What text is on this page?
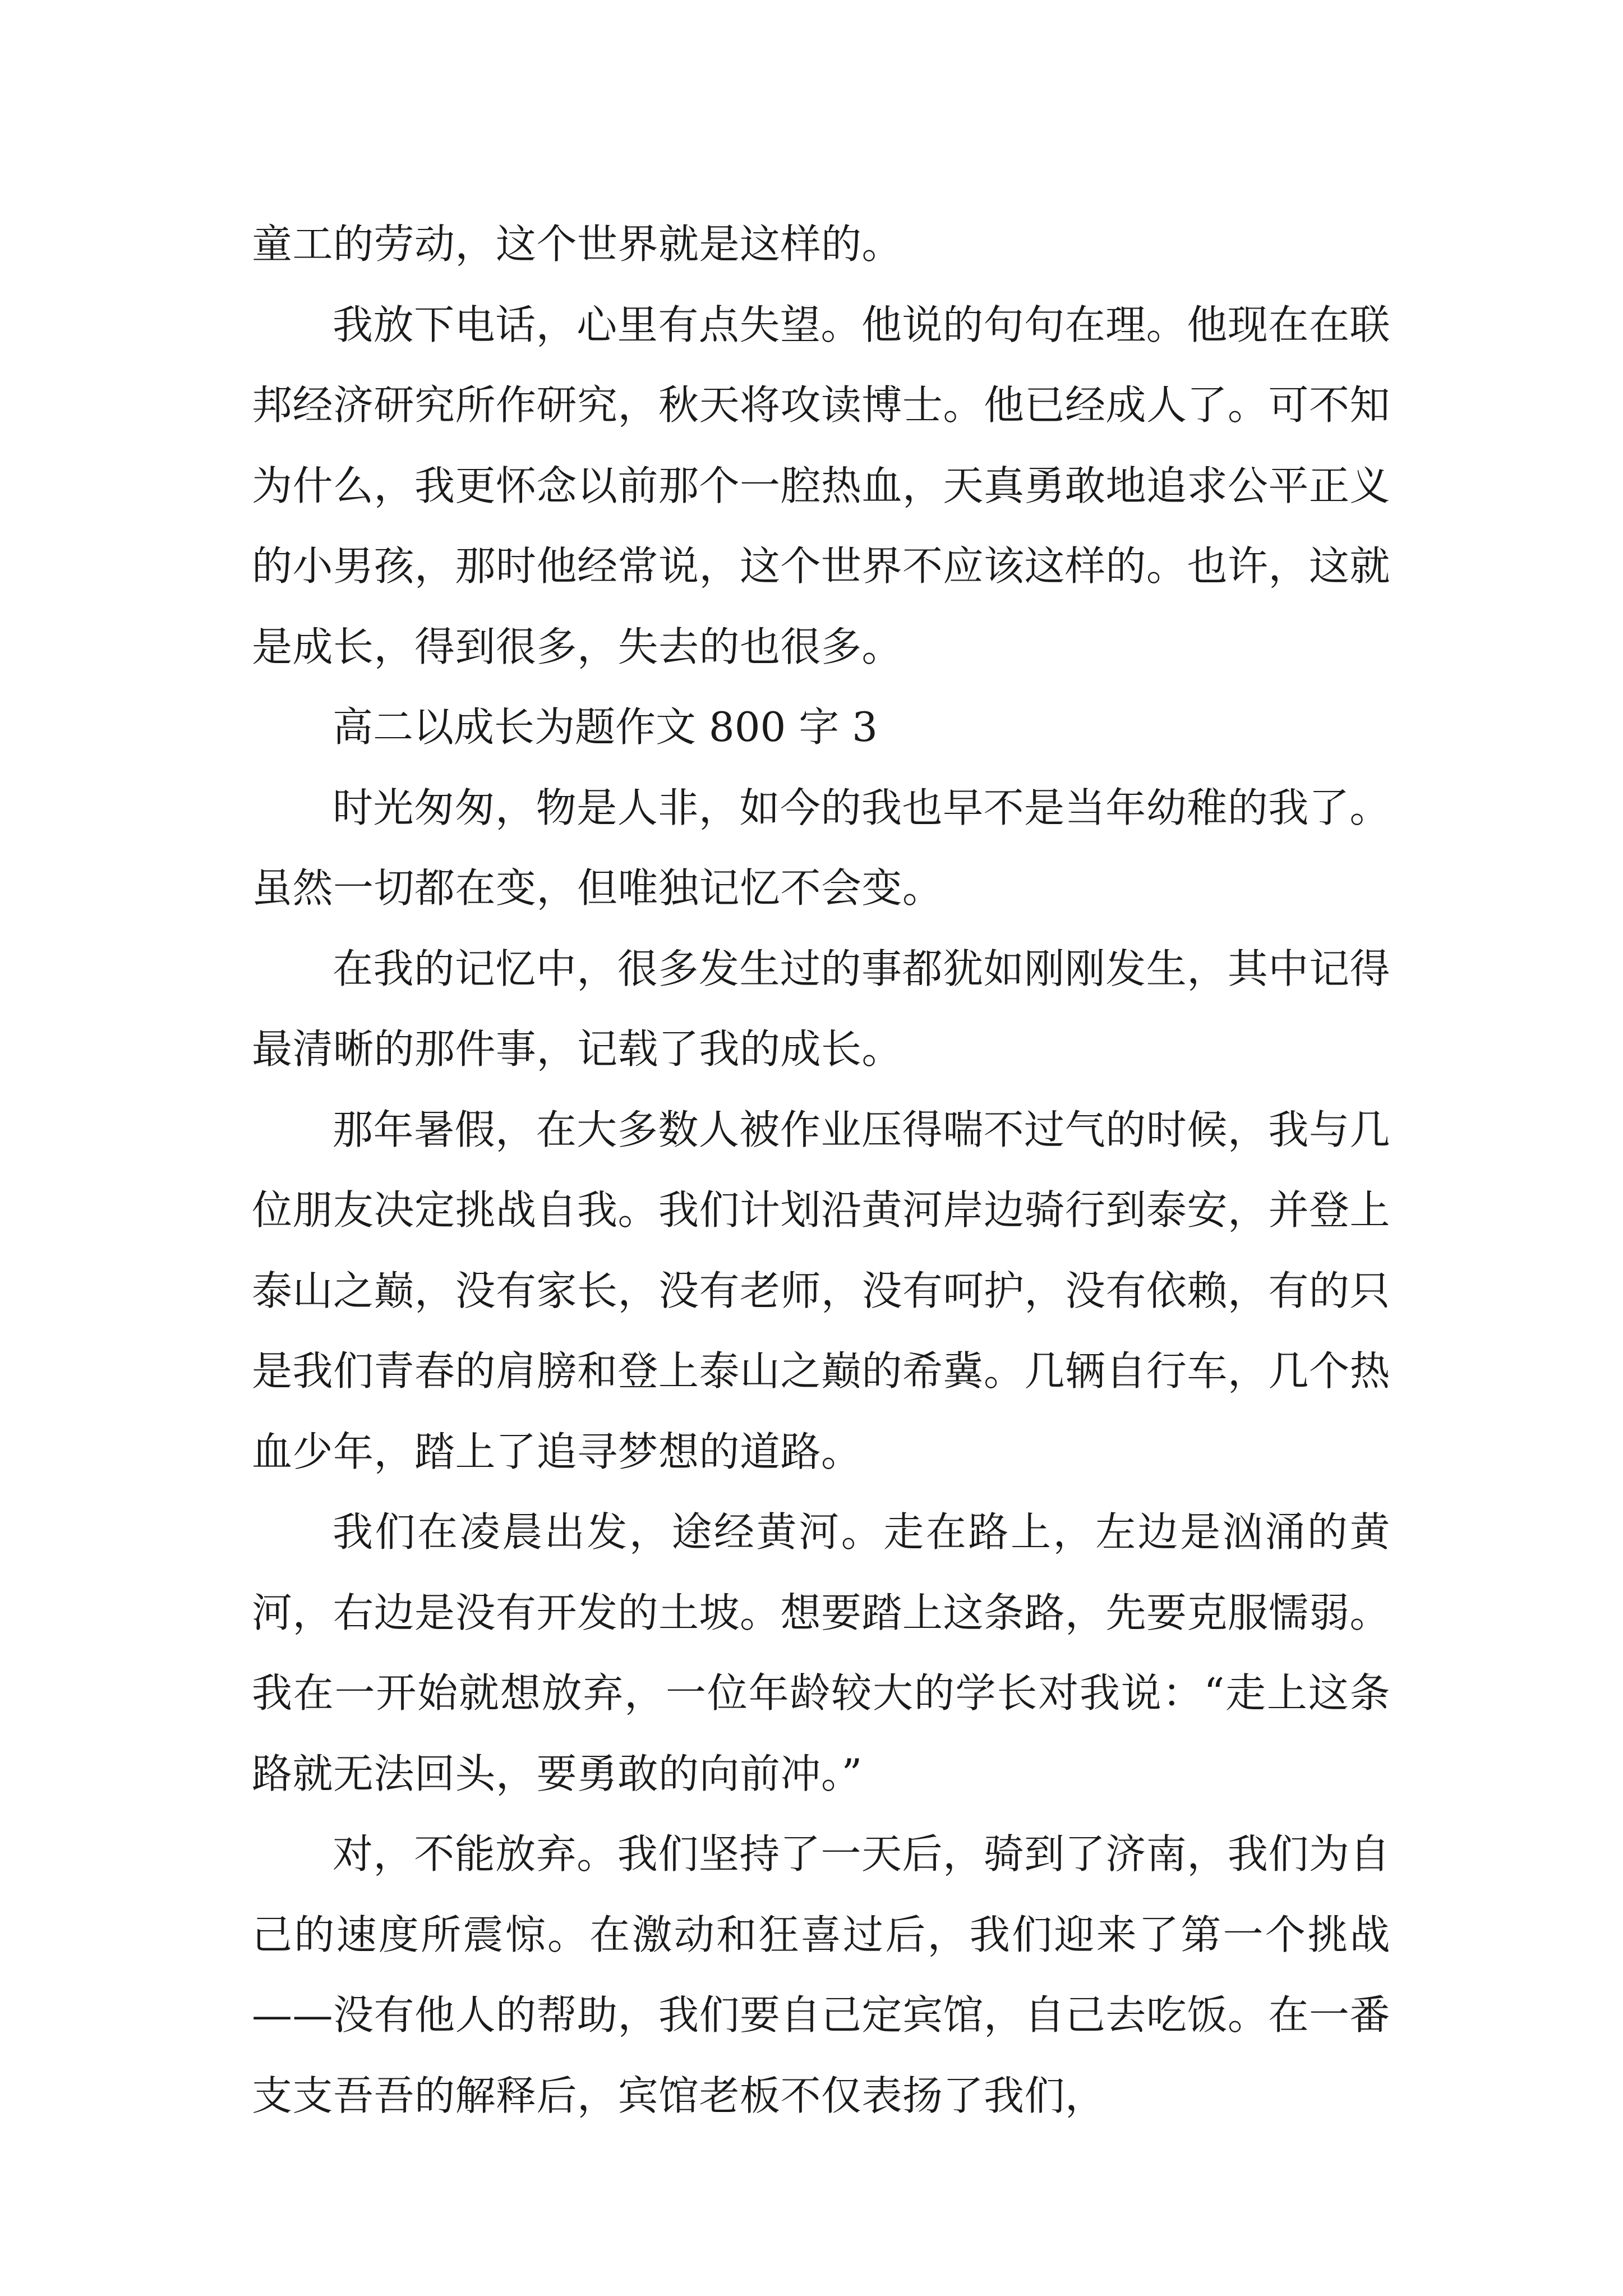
童工的劳动，这个世界就是这样的。

我放下电话，心里有点失望。他说的句句在理。他现在在联邦经济研究所作研究，秋天将攻读博士。他已经成人了。可不知为什么，我更怀念以前那个一腔热血，天真勇敢地追求公平正义的小男孩，那时他经常说，这个世界不应该这样的。也许，这就是成长，得到很多，失去的也很多。

高二以成长为题作文 800 字 3

时光匆匆，物是人非，如今的我也早不是当年幼稚的我了。虽然一切都在变，但唯独记忆不会变。

在我的记忆中，很多发生过的事都犹如刚刚发生，其中记得最清晰的那件事，记载了我的成长。

那年暑假，在大多数人被作业压得喘不过气的时候，我与几位朋友决定挑战自我。我们计划沿黄河岸边骑行到泰安，并登上泰山之巅，没有家长，没有老师，没有呵护，没有依赖，有的只是我们青春的肩膀和登上泰山之巅的希冀。几辆自行车，几个热血少年，踏上了追寻梦想的道路。

我们在凌晨出发，途经黄河。走在路上，左边是汹涌的黄河，右边是没有开发的土坡。想要踏上这条路，先要克服懦弱。我在一开始就想放弃，一位年龄较大的学长对我说：“走上这条路就无法回头，要勇敢的向前冲。”

对，不能放弃。我们坚持了一天后，骑到了济南，我们为自己的速度所震惊。在激动和狂喜过后，我们迎来了第一个挑战——没有他人的帮助，我们要自己定宾馆，自己去吃饭。在一番支支吾吾的解释后，宾馆老板不仅表扬了我们，
